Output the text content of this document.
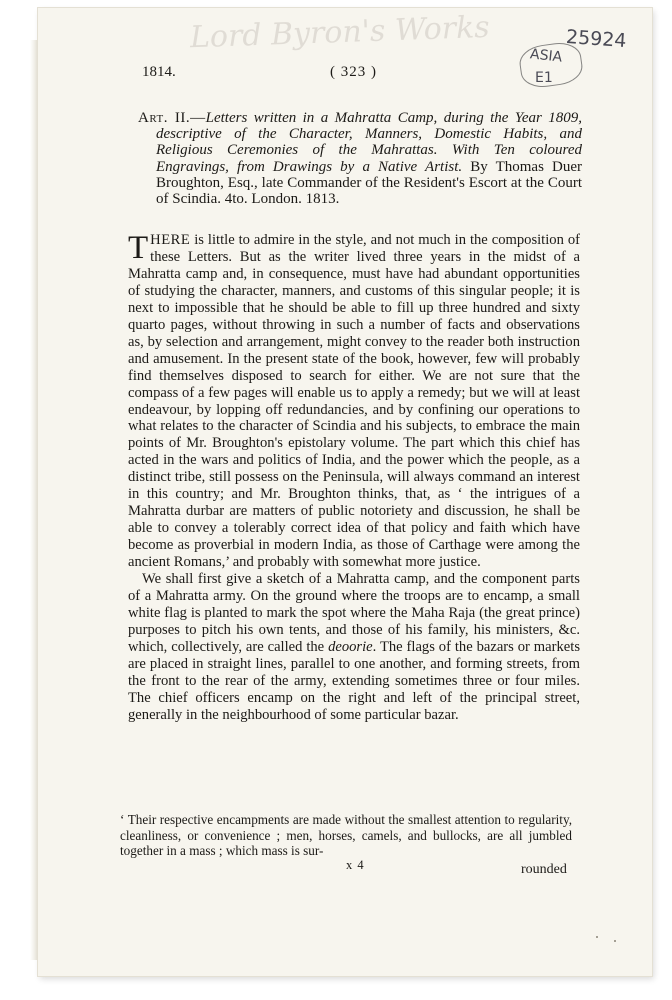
Lord Byron's Works	25924
ASIA
E1
1814.	( 323 )
Art. II.—Letters written in a Mahratta Camp, during the Year 1809, descriptive of the Character, Manners, Domestic Habits, and Religious Ceremonies of the Mahrattas. With Ten coloured Engravings, from Drawings by a Native Artist. By Thomas Duer Broughton, Esq., late Commander of the Resident's Escort at the Court of Scindia. 4to. London. 1813.

THERE is little to admire in the style, and not much in the composition of these Letters. But as the writer lived three years in the midst of a Mahratta camp and, in consequence, must have had abundant opportunities of studying the character, manners, and customs of this singular people; it is next to impossible that he should be able to fill up three hundred and sixty quarto pages, without throwing in such a number of facts and observations as, by selection and arrangement, might convey to the reader both instruction and amusement. In the present state of the book, however, few will probably find themselves disposed to search for either. We are not sure that the compass of a few pages will enable us to apply a remedy; but we will at least endeavour, by lopping off redundancies, and by confining our operations to what relates to the character of Scindia and his subjects, to embrace the main points of Mr. Broughton's epistolary volume. The part which this chief has acted in the wars and politics of India, and the power which the people, as a distinct tribe, still possess on the Peninsula, will always command an interest in this country; and Mr. Broughton thinks, that, as ‘ the intrigues of a Mahratta durbar are matters of public notoriety and discussion, he shall be able to convey a tolerably correct idea of that policy and faith which have become as proverbial in modern India, as those of Carthage were among the ancient Romans,’ and probably with somewhat more justice.

We shall first give a sketch of a Mahratta camp, and the component parts of a Mahratta army. On the ground where the troops are to encamp, a small white flag is planted to mark the spot where the Maha Raja (the great prince) purposes to pitch his own tents, and those of his family, his ministers, &c. which, collectively, are called the deoorie. The flags of the bazars or markets are placed in straight lines, parallel to one another, and forming streets, from the front to the rear of the army, extending sometimes three or four miles. The chief officers encamp on the right and left of the principal street, generally in the neighbourhood of some particular bazar.

‘ Their respective encampments are made without the smallest attention to regularity, cleanliness, or convenience ; men, horses, camels, and bullocks, are all jumbled together in a mass ; which mass is sur-
x 4	rounded
